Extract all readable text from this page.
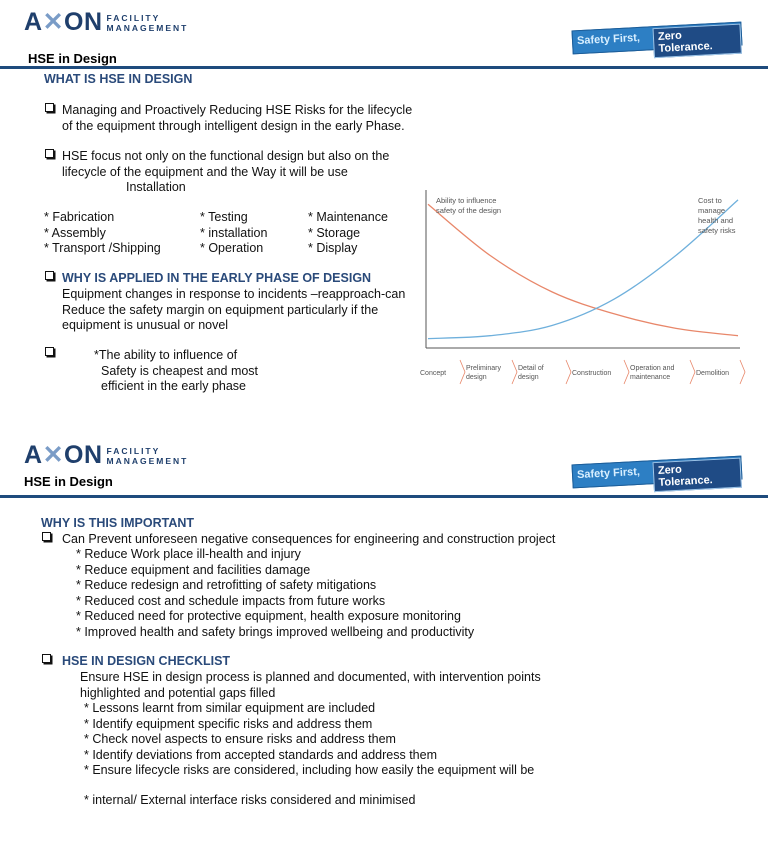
A✕ON FACILITY
MANAGEMENT
Safety First,	Zero Tolerance.
HSE in Design
WHAT IS HSE IN DESIGN
Managing and Proactively Reducing HSE Risks for the lifecycle
of the equipment through intelligent design in the early Phase.
HSE focus not only on the functional design but also on the
lifecycle of the equipment and the Way it will be use
Installation
* Fabrication	* Testing	* Maintenance
* Assembly	* installation	* Storage
* Transport /Shipping	* Operation	* Display
WHY IS APPLIED IN THE EARLY PHASE OF DESIGN
Equipment changes in response to incidents –reapproach-can
Reduce the safety margin on equipment particularly if the
equipment is unusual or novel
*The ability to influence of
Safety is cheapest and most
efficient in the early phase
Ability to influence safety of the design
Cost to manage health and safety risks
Concept
Preliminary design
Detail of design
Construction
Operation and maintenance
Demolition
A✕ON FACILITY
MANAGEMENT
Safety First,	Zero Tolerance.
HSE in Design
WHY IS THIS IMPORTANT
Can Prevent unforeseen negative consequences for engineering and construction project
* Reduce Work place ill-health and injury
* Reduce equipment and facilities damage
* Reduce redesign and retrofitting of safety mitigations
* Reduced cost and schedule impacts from future works
* Reduced need for protective equipment, health exposure monitoring
* Improved health and safety brings improved wellbeing and productivity
HSE IN DESIGN CHECKLIST
Ensure HSE in design process is planned and documented, with intervention points
highlighted and potential gaps filled
* Lessons learnt from similar equipment are included
* Identify equipment specific risks and address them
* Check novel aspects to ensure risks and address them
* Identify deviations from accepted standards and address them
* Ensure lifecycle risks are considered, including how easily the equipment will be
* internal/ External interface risks considered and minimised
